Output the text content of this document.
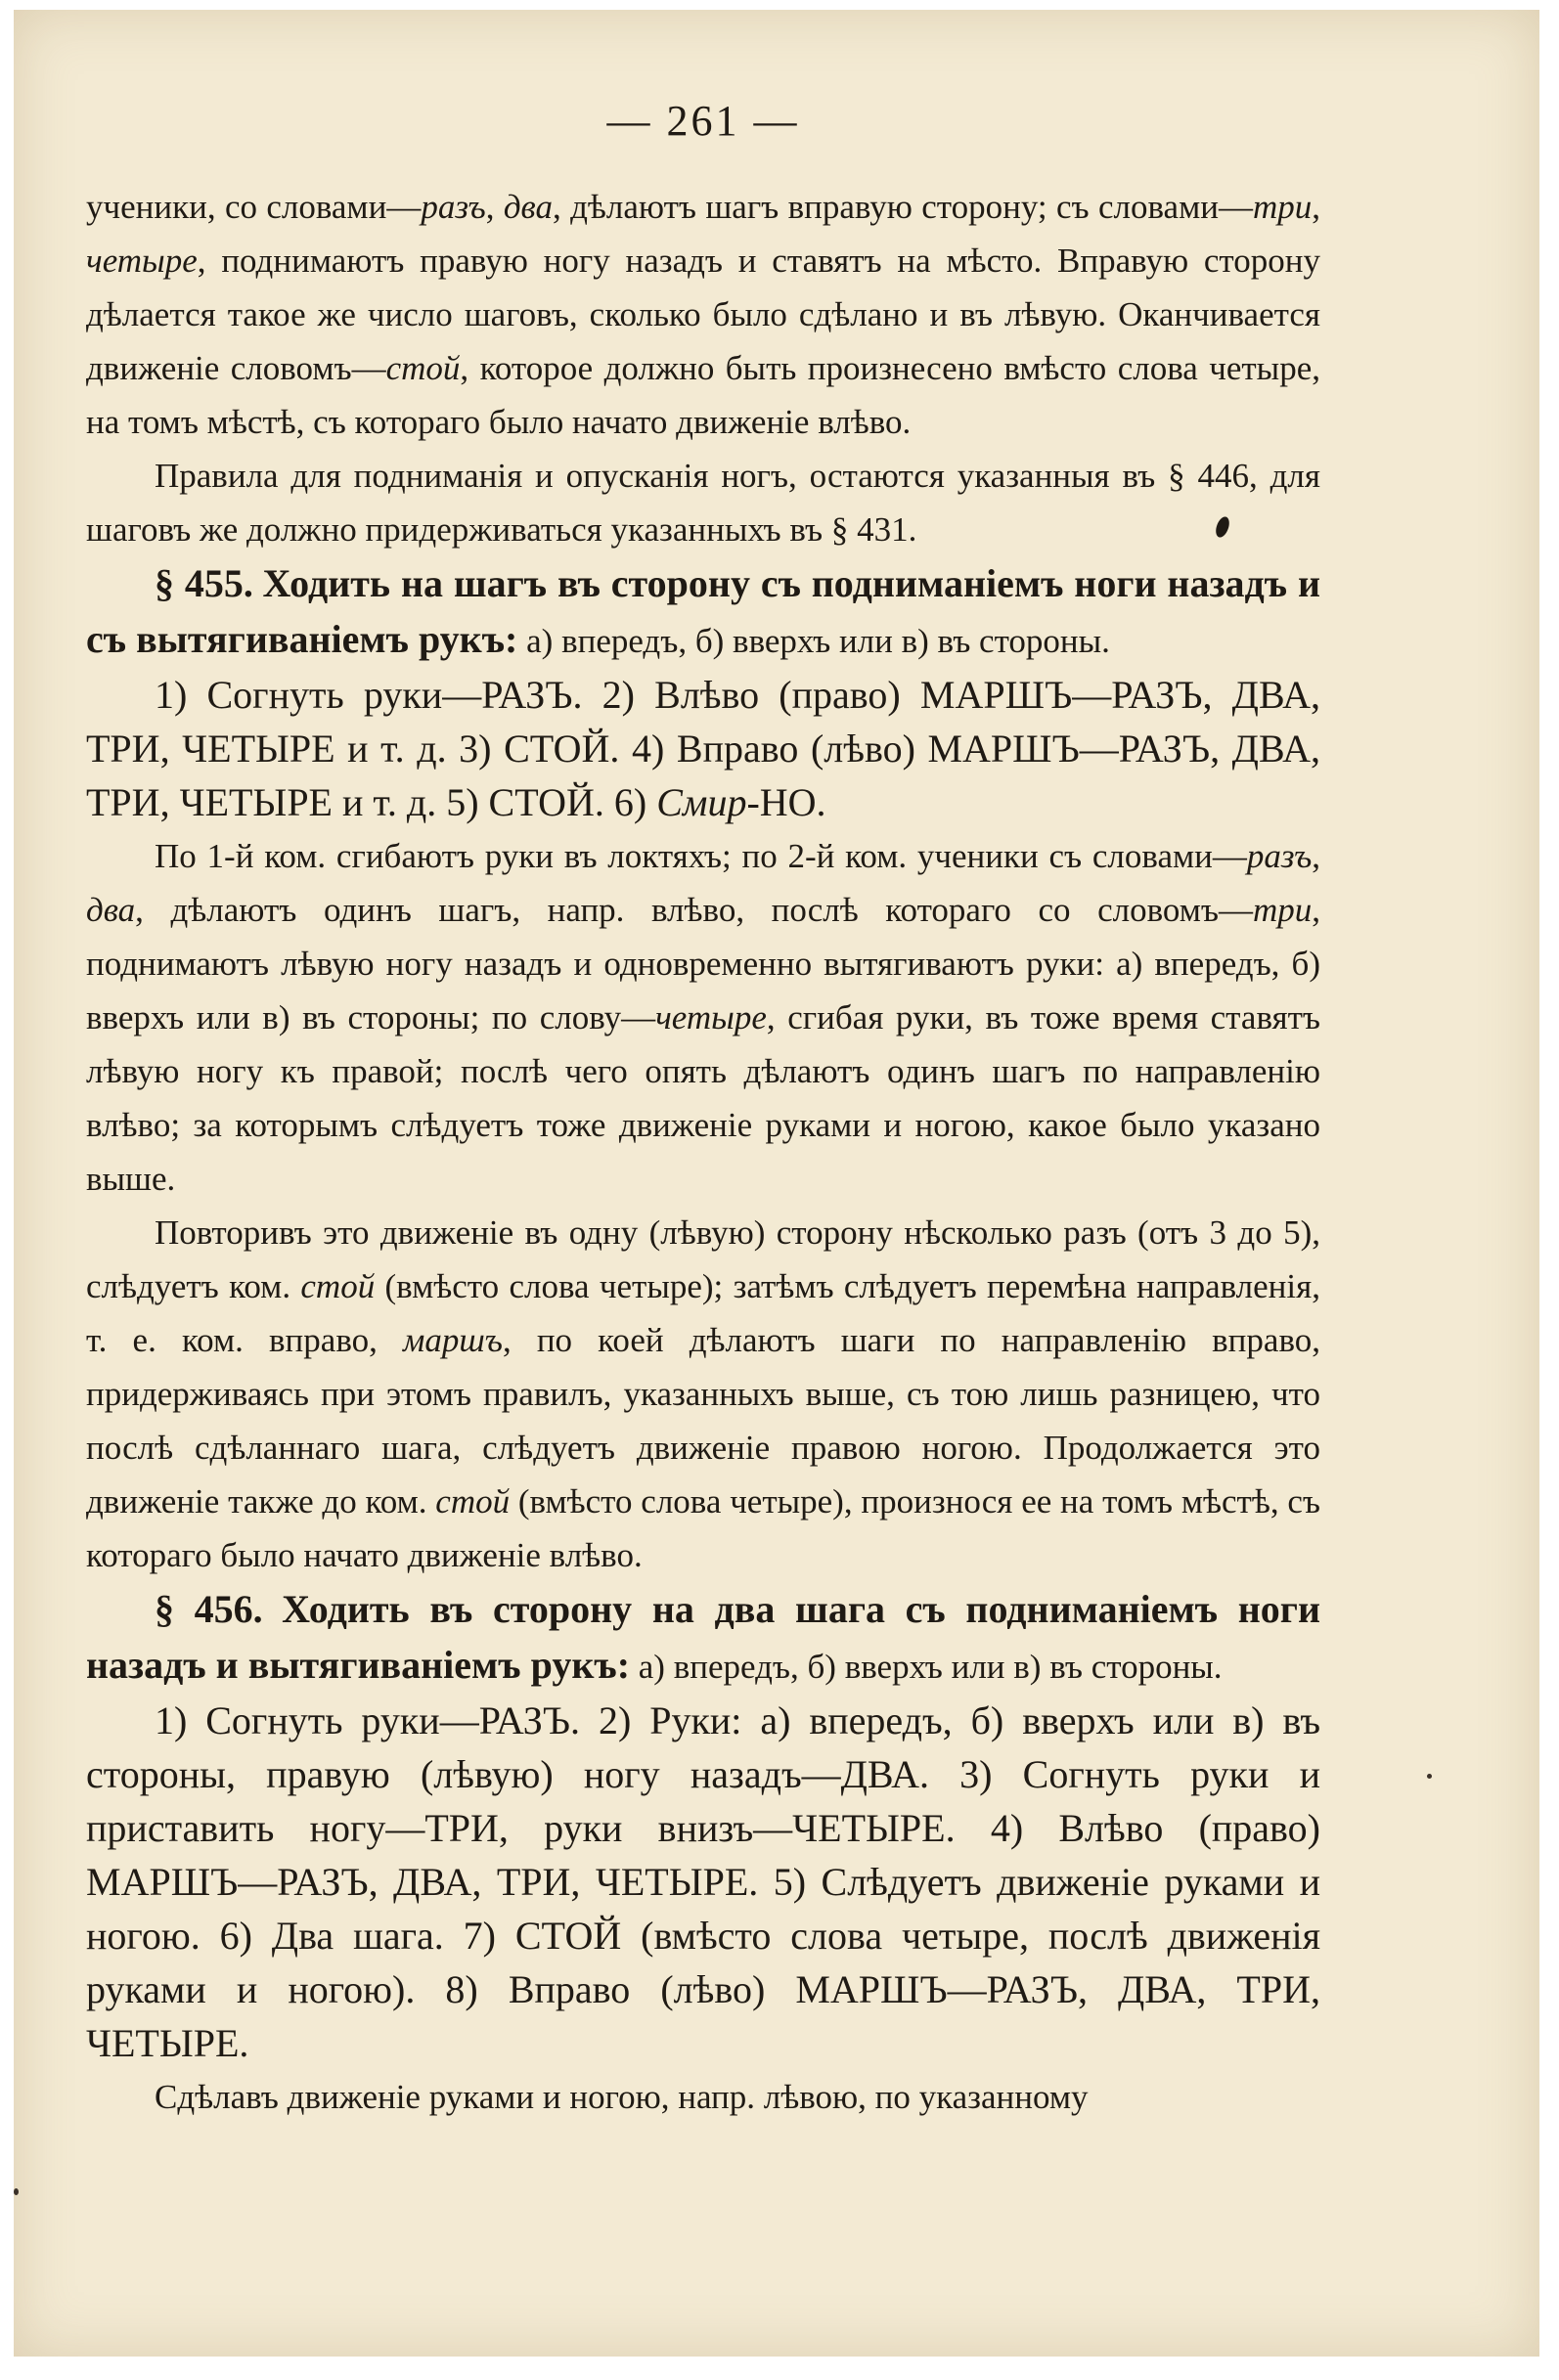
— 261 —

ученики, со словами—разъ, два, дѣлаютъ шагъ вправую сторону; съ словами—три, четыре, поднимаютъ правую ногу назадъ и ставятъ на мѣсто. Вправую сторону дѣлается такое же число шаговъ, сколько было сдѣлано и въ лѣвую. Оканчивается движеніе словомъ—стой, которое должно быть произнесено вмѣсто слова четыре, на томъ мѣстѣ, съ котораго было начато движеніе влѣво.

Правила для подниманія и опусканія ногъ, остаются указанныя въ § 446, для шаговъ же должно придерживаться указанныхъ въ § 431.

§ 455. Ходить на шагъ въ сторону съ подниманіемъ ноги назадъ и съ вытягиваніемъ рукъ: а) впередъ, б) вверхъ или в) въ стороны.

1) Согнуть руки—РАЗЪ. 2) Влѣво (право) МАРШЪ—РАЗЪ, ДВА, ТРИ, ЧЕТЫРЕ и т. д. 3) СТОЙ. 4) Вправо (лѣво) МАРШЪ—РАЗЪ, ДВА, ТРИ, ЧЕТЫРЕ и т. д. 5) СТОЙ. 6) Смир-НО.

По 1-й ком. сгибаютъ руки въ локтяхъ; по 2-й ком. ученики съ словами—разъ, два, дѣлаютъ одинъ шагъ, напр. влѣво, послѣ котораго со словомъ—три, поднимаютъ лѣвую ногу назадъ и одновременно вытягиваютъ руки: а) впередъ, б) вверхъ или в) въ стороны; по слову—четыре, сгибая руки, въ тоже время ставятъ лѣвую ногу къ правой; послѣ чего опять дѣлаютъ одинъ шагъ по направленію влѣво; за которымъ слѣдуетъ тоже движеніе руками и ногою, какое было указано выше.

Повторивъ это движеніе въ одну (лѣвую) сторону нѣсколько разъ (отъ 3 до 5), слѣдуетъ ком. стой (вмѣсто слова четыре); затѣмъ слѣдуетъ перемѣна направленія, т. е. ком. вправо, маршъ, по коей дѣлаютъ шаги по направленію вправо, придерживаясь при этомъ правилъ, указанныхъ выше, съ тою лишь разницею, что послѣ сдѣланнаго шага, слѣдуетъ движеніе правою ногою. Продолжается это движеніе также до ком. стой (вмѣсто слова четыре), произнося ее на томъ мѣстѣ, съ котораго было начато движеніе влѣво.

§ 456. Ходить въ сторону на два шага съ подниманіемъ ноги назадъ и вытягиваніемъ рукъ: а) впередъ, б) вверхъ или в) въ стороны.

1) Согнуть руки—РАЗЪ. 2) Руки: а) впередъ, б) вверхъ или в) въ стороны, правую (лѣвую) ногу назадъ—ДВА. 3) Согнуть руки и приставить ногу—ТРИ, руки внизъ—ЧЕТЫРЕ. 4) Влѣво (право) МАРШЪ—РАЗЪ, ДВА, ТРИ, ЧЕТЫРЕ. 5) Слѣдуетъ движеніе руками и ногою. 6) Два шага. 7) СТОЙ (вмѣсто слова четыре, послѣ движенія руками и ногою). 8) Вправо (лѣво) МАРШЪ—РАЗЪ, ДВА, ТРИ, ЧЕТЫРЕ.

Сдѣлавъ движеніе руками и ногою, напр. лѣвою, по указанному
